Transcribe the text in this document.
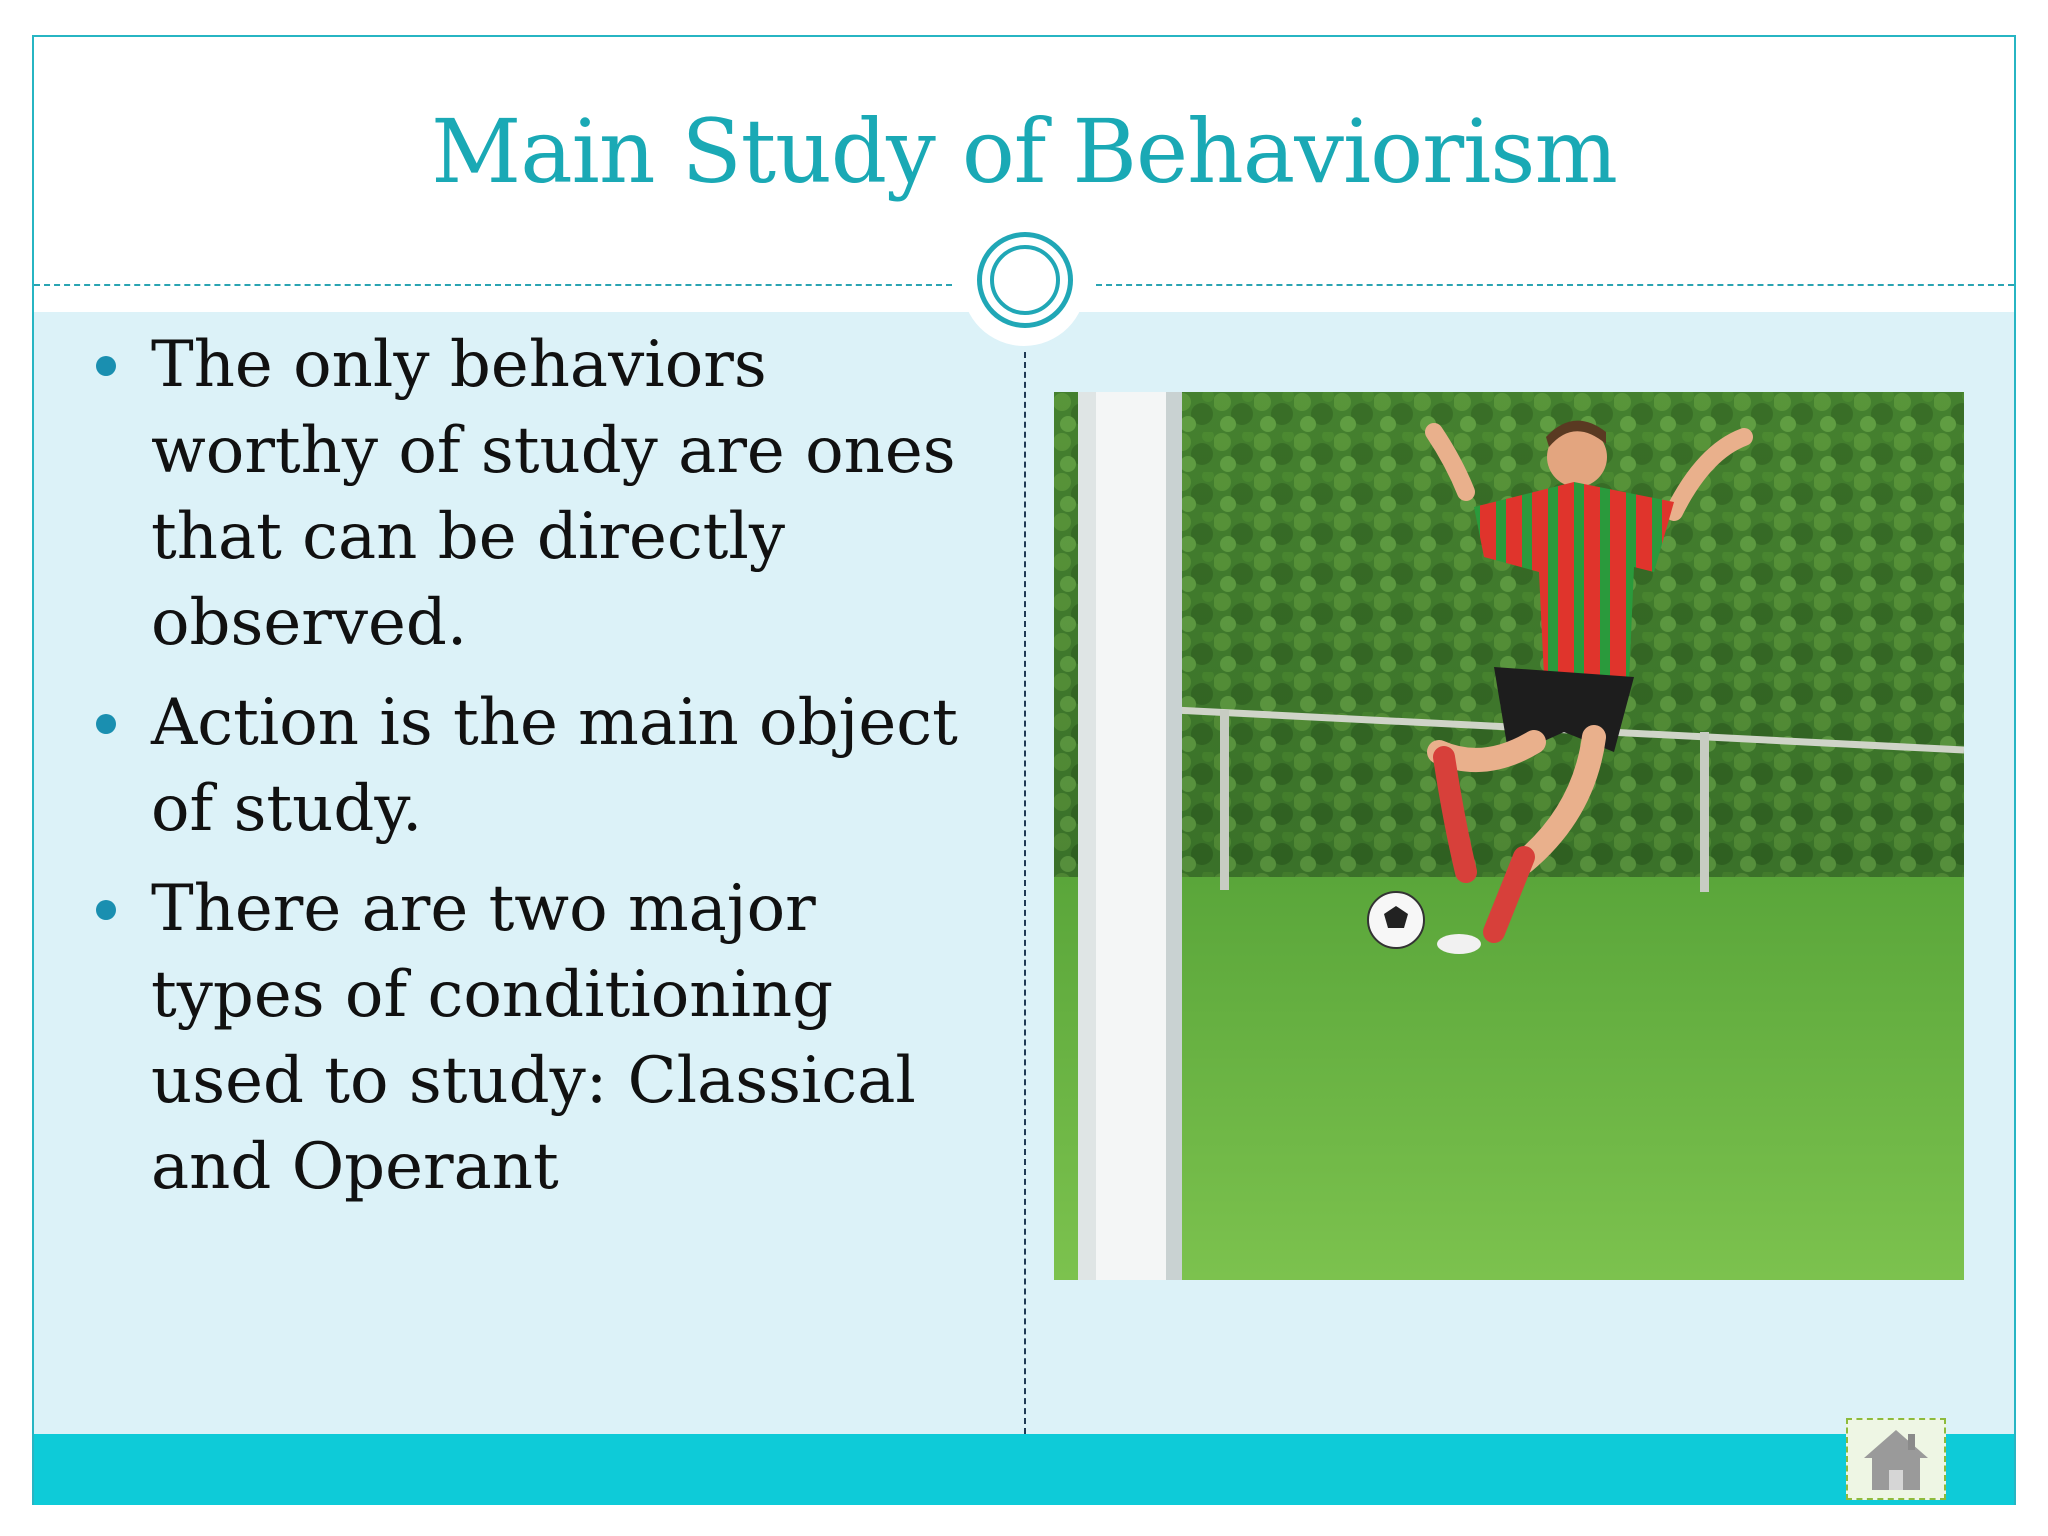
Main Study of Behaviorism
The only behaviors worthy of study are ones that can be directly observed.
Action is the main object of study.
There are two major types of conditioning used to study: Classical and Operant
